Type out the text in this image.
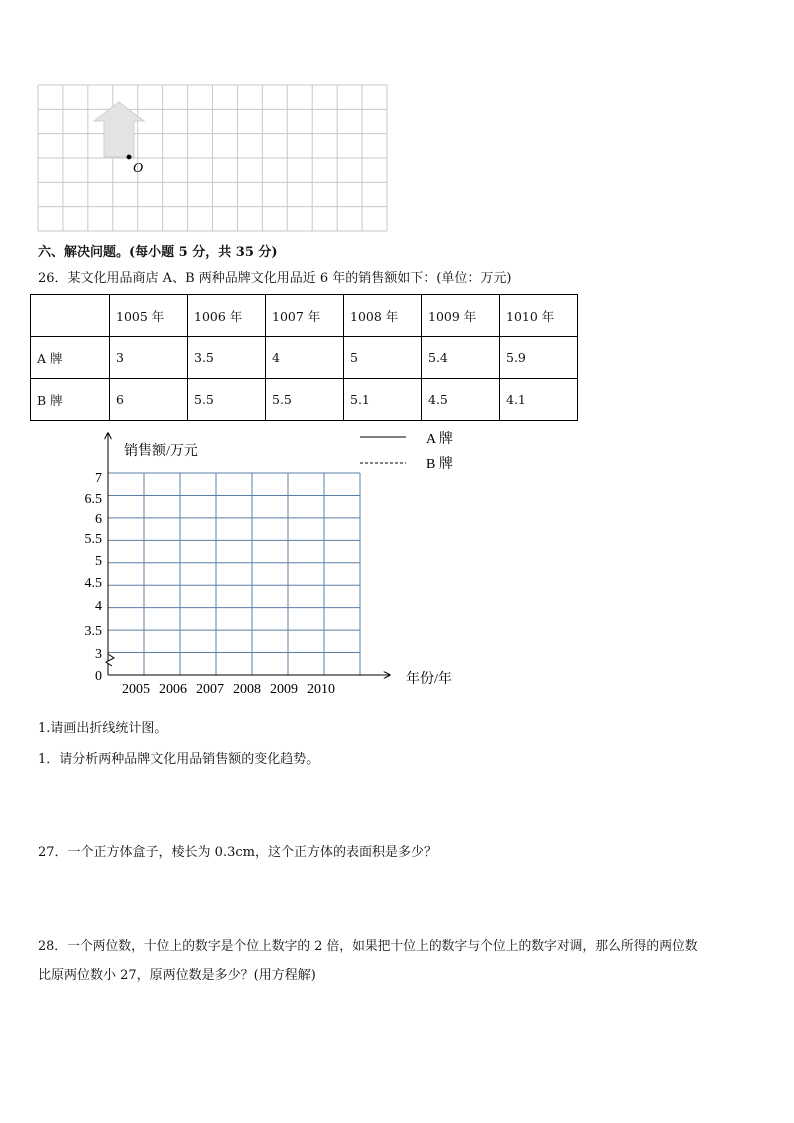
O
六、解决问题。(每小题 5 分，共 35 分)
26．某文化用品商店 A、B 两种品牌文化用品近 6 年的销售额如下：(单位：万元)
	1005 年	1006 年	1007 年	1008 年	1009 年	1010 年
A 牌	3	3.5	4	5	5.4	5.9
B 牌	6	5.5	5.5	5.1	4.5	4.1
销售额/万元
年份/年
0
3
3.5
4
4.5
5
5.5
6
6.5
7
2005 2006 2007 2008 2009 2010
A 牌
B 牌
1.请画出折线统计图。
1．请分析两种品牌文化用品销售额的变化趋势。
27．一个正方体盒子，棱长为 0.3cm，这个正方体的表面积是多少？
28．一个两位数，十位上的数字是个位上数字的 2 倍，如果把十位上的数字与个位上的数字对调，那么所得的两位数
比原两位数小 27，原两位数是多少？(用方程解)
